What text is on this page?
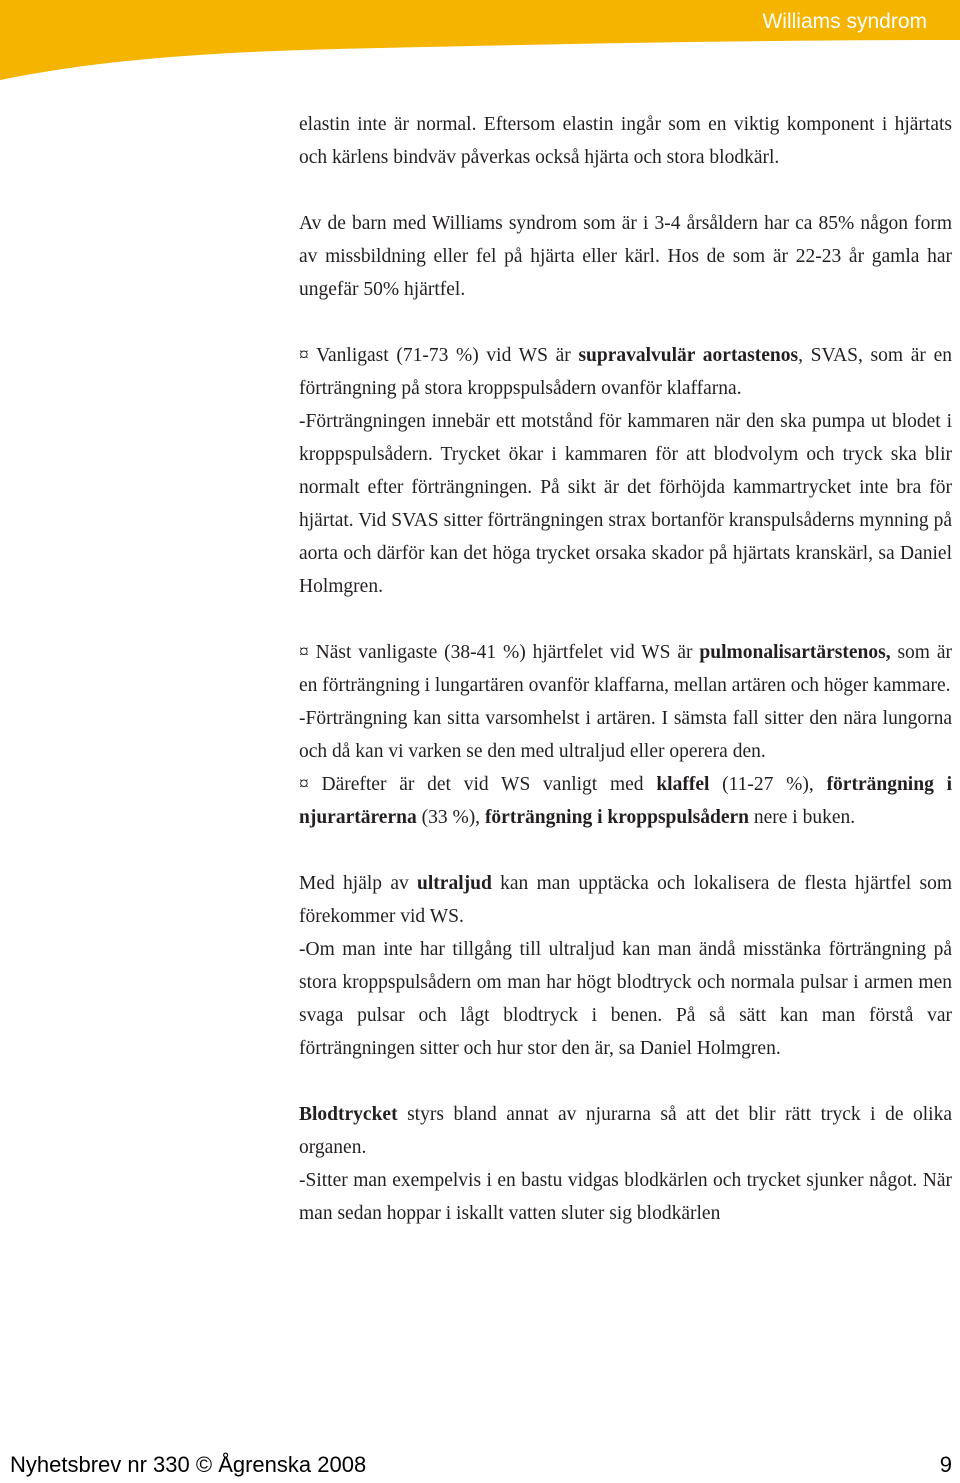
Williams syndrom

elastin inte är normal. Eftersom elastin ingår som en viktig komponent i hjärtats och kärlens bindväv påverkas också hjärta och stora blodkärl.

Av de barn med Williams syndrom som är i 3-4 årsåldern har ca 85% någon form av missbildning eller fel på hjärta eller kärl. Hos de som är 22-23 år gamla har ungefär 50% hjärtfel.

¤ Vanligast (71-73 %) vid WS är supravalvulär aortastenos, SVAS, som är en förträngning på stora kroppspulsådern ovanför klaffarna.

-Förträngningen innebär ett motstånd för kammaren när den ska pumpa ut blodet i kroppspulsådern. Trycket ökar i kammaren för att blodvolym och tryck ska blir normalt efter förträngningen. På sikt är det förhöjda kammartrycket inte bra för hjärtat. Vid SVAS sitter förträngningen strax bortanför kranspulsåderns mynning på aorta och därför kan det höga trycket orsaka skador på hjärtats kranskärl, sa Daniel Holmgren.

¤ Näst vanligaste (38-41 %) hjärtfelet vid WS är pulmonalisartärstenos, som är en förträngning i lungartären ovanför klaffarna, mellan artären och höger kammare.

-Förträngning kan sitta varsomhelst i artären. I sämsta fall sitter den nära lungorna och då kan vi varken se den med ultraljud eller operera den.

¤ Därefter är det vid WS vanligt med klaffel (11-27 %), förträngning i njurartärerna (33 %), förträngning i kroppspulsådern nere i buken.

Med hjälp av ultraljud kan man upptäcka och lokalisera de flesta hjärtfel som förekommer vid WS.

-Om man inte har tillgång till ultraljud kan man ändå misstänka förträngning på stora kroppspulsådern om man har högt blodtryck och normala pulsar i armen men svaga pulsar och lågt blodtryck i benen. På så sätt kan man förstå var förträngningen sitter och hur stor den är, sa Daniel Holmgren.

Blodtrycket styrs bland annat av njurarna så att det blir rätt tryck i de olika organen.

-Sitter man exempelvis i en bastu vidgas blodkärlen och trycket sjunker något. När man sedan hoppar i iskallt vatten sluter sig blodkärlen

Nyhetsbrev nr 330 © Ågrenska 2008	9
